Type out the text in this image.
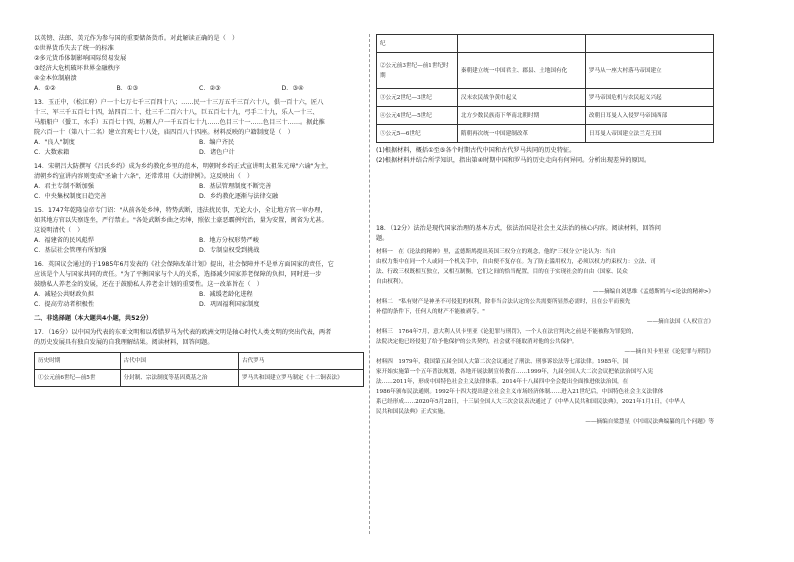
以英镑、法郎、美元作为参与国的重要储备货币。对此解读正确的是（　）
①世界货币失去了统一的标准
②多元货币体制影响国际贸易发展
③经济大危机破坏世界金融秩序
④金本位制崩溃
A．①②	B．①③	C．②③	D．③④
13．玉正中，（松江府）户一十七万七千三百四十八；……民一十三万五千三百六十八，俱一百十六，匠八
十三、军三千五百七十四，站四百二十、灶三千二百六十八，巨五百七十九，弓手二十九，乐人一十三、
马船船户（蜑工、水手）五百七十四、坊厢人户一千五百七十九……色目三十一……色目三十……。据此推
院六百一十（第八十二名）建立宫观七十八处，庙四百八十四座。材料反映的户籍制度是（　）
A．"良人"制度	B．编户齐民
C．大数索籍	D．诸色户计
14．宋朝吕大防撰写《吕氏乡约》成为乡约教化乡里的范本，明朝时乡约正式宣讲明太祖朱元璋"六谕"为主，
清朝乡约宣讲内容则变成"圣谕十六条"，还常常用《大清律例》。这反映出（　）
A．君主专制不断加强	B．基层管理制度不断完善
C．中央集权制度日趋完善	D．乡约教化逐渐与法律交融
15．1747年乾隆皇帝专门诏："从前各处乡绅，特势武断，违法扰民事，无论大小，全让地方官一审办理，
如其地方官以失察连坐，严行禁止。"各处武断乡曲之劣绅，照依土豪恶霸例究治，量为安置，闽省为尤甚。
这说明清代（　）
A．福建省的民风彪悍	B．地方分权形势严峻
C．基层社会管理有所加强	D．专制皇权受到挑战
16．英国议会通过的于1985年6月发表的《社会保障改革计划》提出，社会保障并不是单方面国家的责任，它
应该是个人与国家共同的责任。"为了平衡国家与个人的关系，选择减少国家养老保障的负担，同时进一步
鼓励私人养老金的发展，还在于鼓励私人养老金计划的重要性。这一改革旨在（　）
A．减轻公共财政负担	B．减缓老龄化进程
C．提高劳动者积极性	D．巩固福利国家制度
二、非选择题（本大题共4小题，共52分）
17．（16分）以中国为代表的东亚文明和以希腊罗马为代表的欧洲文明是轴心时代人类文明的突出代表，两者
的历史发展具有独自发展的自我理解结果。阅读材料，回答问题。
历史时期	古代中国	古代罗马
①公元前6世纪—前5世	分封制、宗法制度等基因奠基之治	罗马共和国建立罗马制定《十二铜表法》
纪		
②公元前3世纪—前1世纪时期	秦朝建立统一中国君主、郡县、土地国有化	罗马从一座大村落马帝国建立
③公元2世纪—3世纪	汉末农民战争黄巾起义	罗马帝国危机与农民起义兴起
④公元4世纪—5世纪	北方少数民族南下华南北朝时期	改朝日耳曼人入侵罗马帝国西部
⑤公元5—6世纪	隋朝再次统一中国建制改革	日耳曼人帝国建立法兰克王国
(1)根据材料，概括①至⑤各个时期古代中国和古代罗马共同的历史特征。
(2)根据材料并结合所学知识，指出第④时期中国和罗马的历史走向有何异同。分析出现差异的原因。
18．（12分）法治是现代国家治理的基本方式，依法治国是社会主义法治的核心内容。阅读材料，回答问
题。
材料一　在《论法的精神》里，孟德斯鸠提出英国三权分立的观念，他的"三权分立"论认为：当自
由权力集中在同一个人或同一个机关手中，自由便不复存在。为了防止滥用权力，必须以权力约束权力：立法、司
法、行政三权既相互独立，又相互制衡，它们之间的恰当配置，目的在于实现社会的自由（国家、民众
自由权利）。
——摘编自刘思维《孟德斯鸠与<论法的精神>》
材料二　"私有财产是神圣不可侵犯的权利，除非当合法认定的公共需要所显然必需时，且在公平而预先
补偿的条件下，任何人的财产不能被剥夺。"
——摘自法国《人权宣言》
材料三　1764年7月，意大利人贝卡里亚《论犯罪与刑罚》，一个人在法官判决之前是不能被称为罪犯的，
法院决定他已经侵犯了给予他保护的公共契约，社会就不能取消对他的公共保护。
——摘自贝卡里亚《论犯罪与刑罚》
材料四　1979年，我国第五届全国人大第二次会议通过了刑法、刑事诉讼法等七部法律。1985年，国
家开始实施第一个五年普法规划，各地开展法制宣传教育……1999年，九届全国人大二次会议把依法治国写入宪
法……2011年，形成中国特色社会主义法律体系。2014年十八届四中全会提出全面推进依法治国，在
1986年颁布民法通则。1992年十四大提出建立社会主义市场经济体制……进入21世纪后，中国特色社会主义法律体
系已经形成……2020年5月28日，十三届全国人大三次会议表决通过了《中华人民共和国民法典》，2021年1月1日，《中华人
民共和国民法典》正式实施。
——摘编自梁慧星《中国民法典编纂的几个问题》等
